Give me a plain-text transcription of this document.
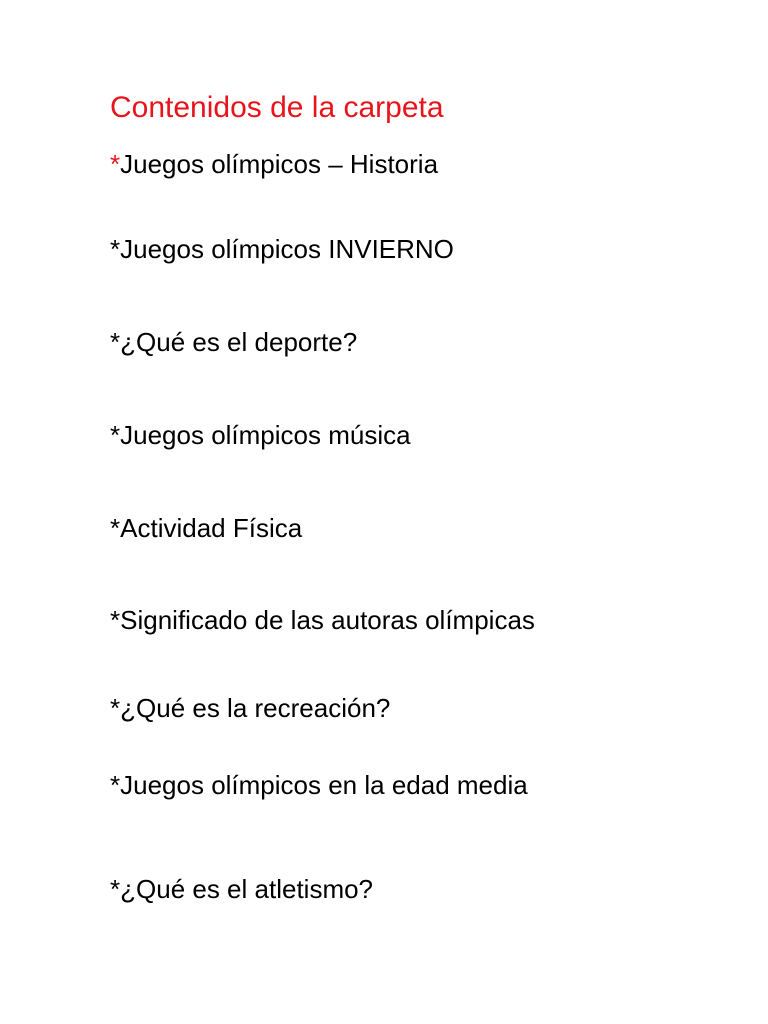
Contenidos de la carpeta
*Juegos olímpicos – Historia
*Juegos olímpicos INVIERNO
*¿Qué es el deporte?
*Juegos olímpicos música
*Actividad Física
*Significado de las autoras olímpicas
*¿Qué es la recreación?
*Juegos olímpicos en la edad media
*¿Qué es el atletismo?
